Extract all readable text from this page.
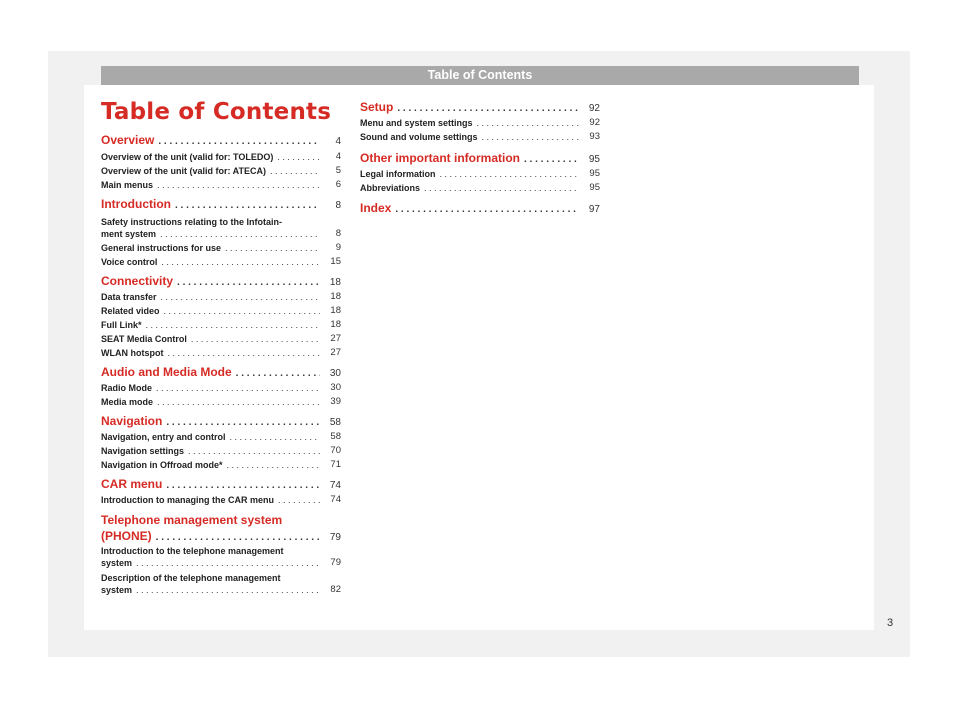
Table of Contents
Table of Contents
Overview . . .	4
Overview of the unit (valid for: TOLEDO) . . .	4
Overview of the unit (valid for: ATECA) . . .	5
Main menus . . .	6
Introduction . . .	8
Safety instructions relating to the Infotain-
ment system . . .	8
General instructions for use . . .	9
Voice control . . .	15
Connectivity . . .	18
Data transfer . . .	18
Related video . . .	18
Full Link* . . .	18
SEAT Media Control . . .	27
WLAN hotspot . . .	27
Audio and Media Mode . . .	30
Radio Mode . . .	30
Media mode . . .	39
Navigation . . .	58
Navigation, entry and control . . .	58
Navigation settings . . .	70
Navigation in Offroad mode* . . .	71
CAR menu . . .	74
Introduction to managing the CAR menu . . .	74
Telephone management system
(PHONE) . . .	79
Introduction to the telephone management
system . . .	79
Description of the telephone management
system . . .	82
Setup . . .	92
Menu and system settings . . .	92
Sound and volume settings . . .	93
Other important information . . .	95
Legal information . . .	95
Abbreviations . . .	95
Index . . .	97
3
